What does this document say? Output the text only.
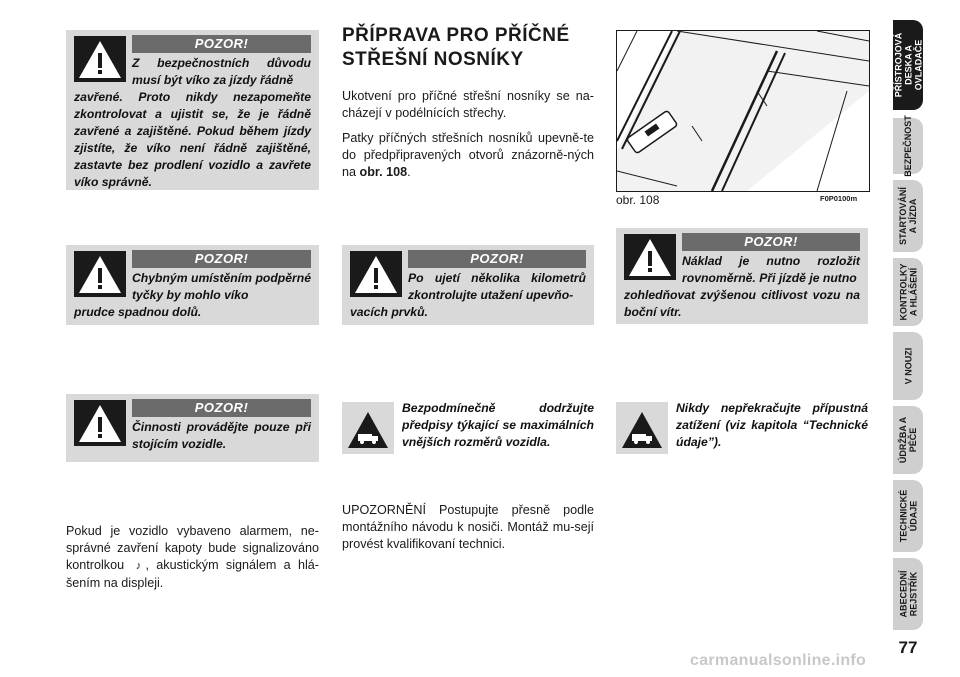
POZOR!
Z bezpečnostních důvodu musí být víko za jízdy řádně
zavřené. Proto nikdy nezapomeňte zkontrolovat a ujistit se, že je řádně zavřené a zajištěné. Pokud během jízdy zjistíte, že víko není řádně zajištěné, zastavte bez prodlení vozidlo a zavřete víko správně.
POZOR!
Chybným umístěním podpěrné tyčky by mohlo víko
prudce spadnou dolů.
POZOR!
Činnosti provádějte pouze při stojícím vozidle.
Pokud je vozidlo vybaveno alarmem, ne-správné zavření kapoty bude signalizováno kontrolkou ♪ , akustickým signálem a hlá-šením na displeji.
PŘÍPRAVA PRO PŘÍČNÉ
STŘEŠNÍ NOSNÍKY
Ukotvení pro příčné střešní nosníky se na-cházejí v podélnících střechy.
Patky příčných střešních nosníků upevně-te do předpřipravených otvorů znázorně-ných na obr. 108.
POZOR!
Po ujetí několika kilometrů zkontrolujte utažení upevňo-
vacích prvků.
Bezpodmínečně dodržujte předpisy týkající se maximálních vnějších rozměrů vozidla.
UPOZORNĚNÍ Postupujte přesně podle montážního návodu k nosiči. Montáž mu-sejí provést kvalifikovaní technici.
obr. 108	F0P0100m
POZOR!
Náklad je nutno rozložit rovnoměrně. Při jízdě je nutno
zohledňovat zvýšenou citlivost vozu na boční vítr.
Nikdy nepřekračujte přípustná zatížení (viz kapitola “Technické údaje”).
PŘÍSTROJOVÁ
DESKA A
OVLADAČE
BEZPEČNOST
STARTOVÁNÍ
A JÍZDA
KONTROLKY
A HLÁŠENÍ
V NOUZI
ÚDRŽBA A
PÉČE
TECHNICKÉ
ÚDAJE
ABECEDNÍ
REJSTŘÍK
77
carmanualsonline.info
